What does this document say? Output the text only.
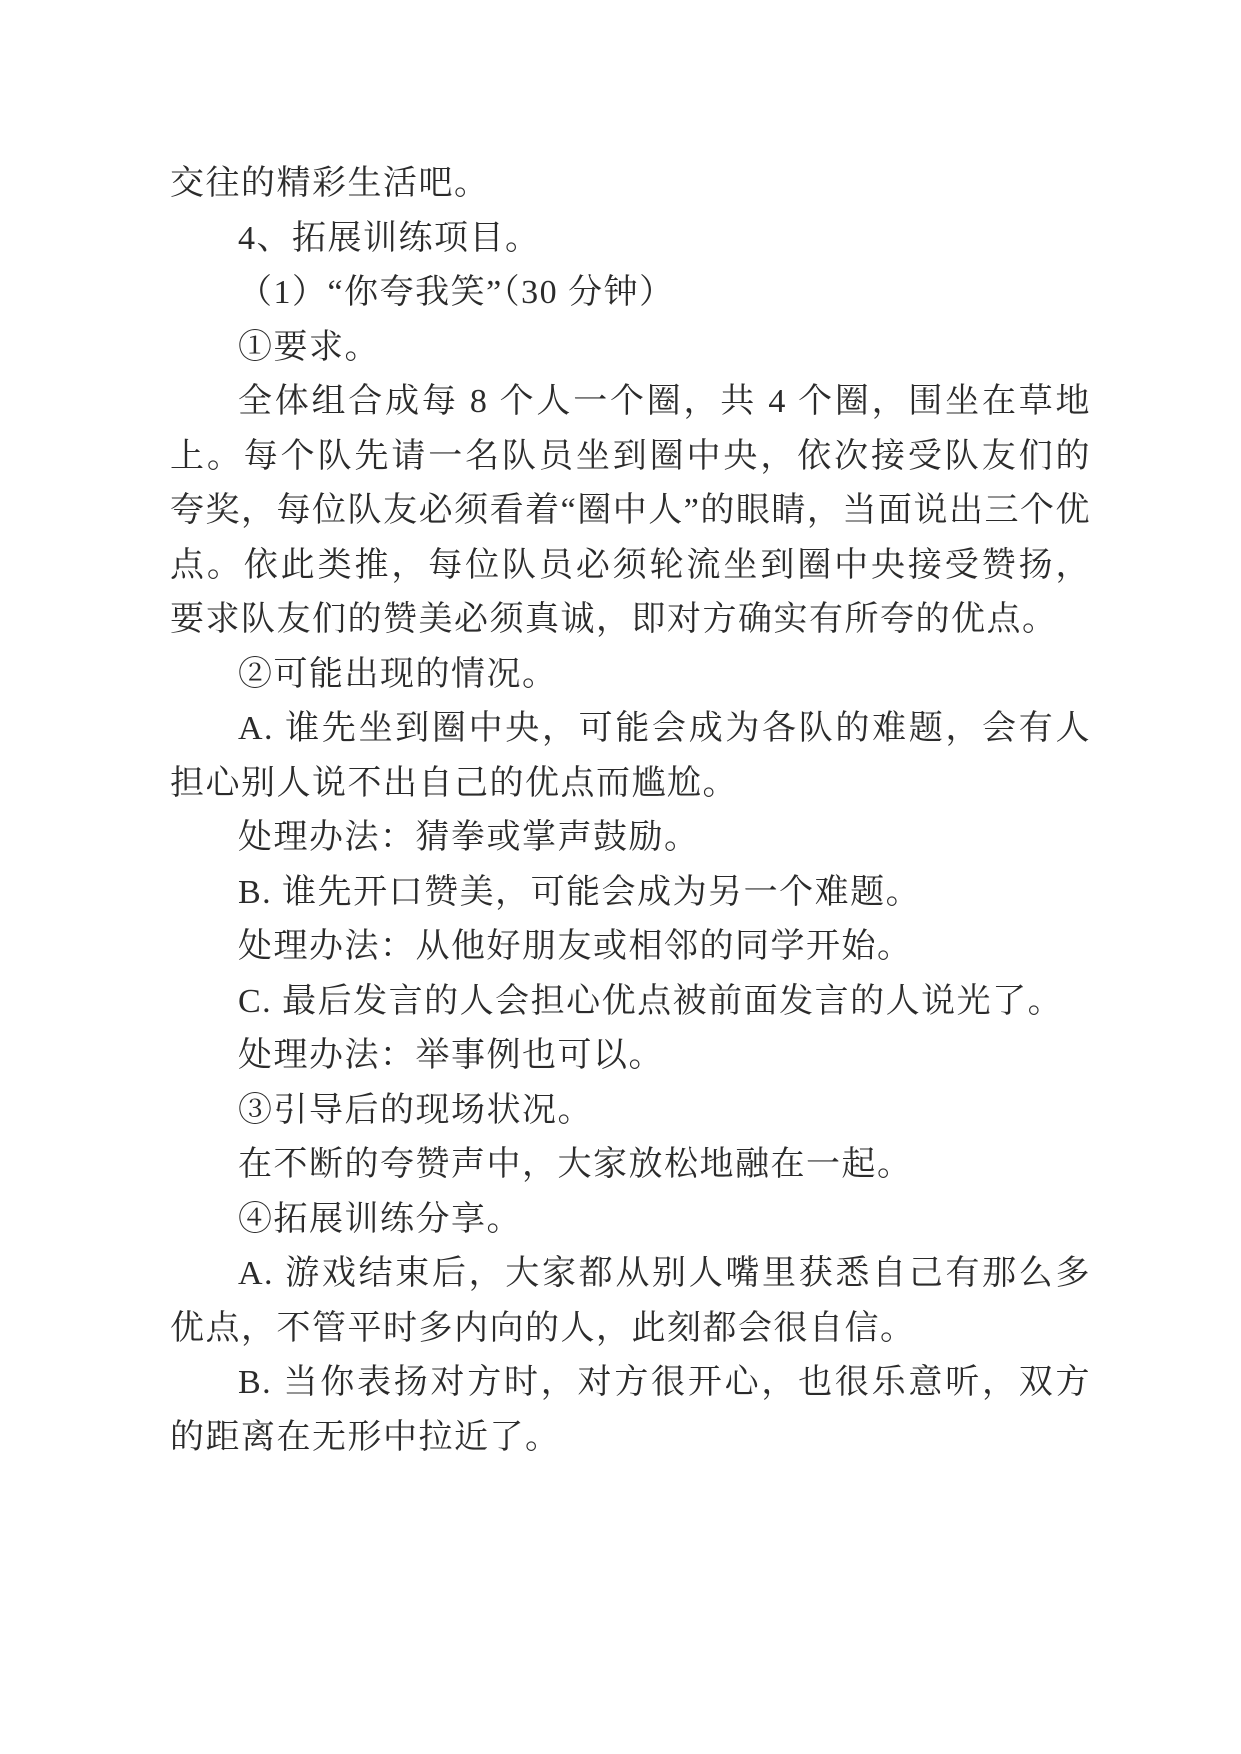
交往的精彩生活吧。

4、拓展训练项目。

（1）“你夸我笑”（30 分钟）

①要求。

全体组合成每 8 个人一个圈，共 4 个圈，围坐在草地上。每个队先请一名队员坐到圈中央，依次接受队友们的夸奖，每位队友必须看着“圈中人”的眼睛，当面说出三个优点。依此类推，每位队员必须轮流坐到圈中央接受赞扬，要求队友们的赞美必须真诚，即对方确实有所夸的优点。

②可能出现的情况。

A. 谁先坐到圈中央，可能会成为各队的难题，会有人担心别人说不出自己的优点而尴尬。

处理办法：猜拳或掌声鼓励。

B. 谁先开口赞美，可能会成为另一个难题。

处理办法：从他好朋友或相邻的同学开始。

C. 最后发言的人会担心优点被前面发言的人说光了。

处理办法：举事例也可以。

③引导后的现场状况。

在不断的夸赞声中，大家放松地融在一起。

④拓展训练分享。

A. 游戏结束后，大家都从别人嘴里获悉自己有那么多优点，不管平时多内向的人，此刻都会很自信。

B. 当你表扬对方时，对方很开心，也很乐意听，双方的距离在无形中拉近了。
